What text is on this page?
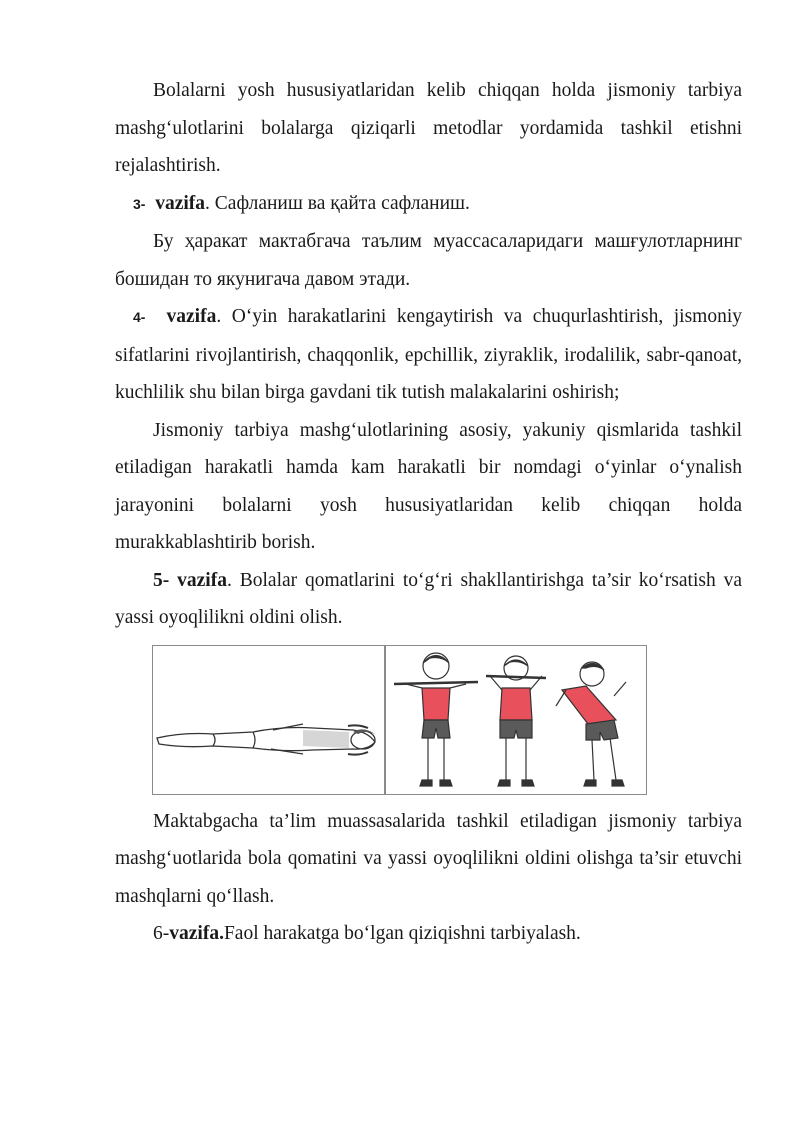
Bolalarni yosh hususiyatlaridan kelib chiqqan holda jismoniy tarbiya mashg‘ulotlarini bolalarga qiziqarli metodlar yordamida tashkil etishni rejalashtirish.

3- vazifa. Сафланиш ва қайта сафланиш.

Бу ҳаракат мактабгача таълим муассасаларидаги машғулотларнинг бошидан то якунигача давом этади.

4- vazifa. O‘yin harakatlarini kengaytirish va chuqurlashtirish, jismoniy sifatlarini rivojlantirish, chaqqonlik, epchillik, ziyraklik, irodalilik, sabr-qanoat, kuchlilik shu bilan birga gavdani tik tutish malakalarini oshirish;

Jismoniy tarbiya mashg‘ulotlarining asosiy, yakuniy qismlarida tashkil etiladigan harakatli hamda kam harakatli bir nomdagi o‘yinlar o‘ynalish jarayonini bolalarni yosh hususiyatlaridan kelib chiqqan holda murakkablashtirib borish.

5- vazifa. Bolalar qomatlarini to‘g‘ri shakllantirishga ta’sir ko‘rsatish va yassi oyoqlilikni oldini olish.

Maktabgacha ta’lim muassasalarida tashkil etiladigan jismoniy tarbiya mashg‘uotlarida bola qomatini va yassi oyoqlilikni oldini olishga ta’sir etuvchi mashqlarni qo‘llash.

6-vazifa.Faol harakatga bo‘lgan qiziqishni tarbiyalash.
